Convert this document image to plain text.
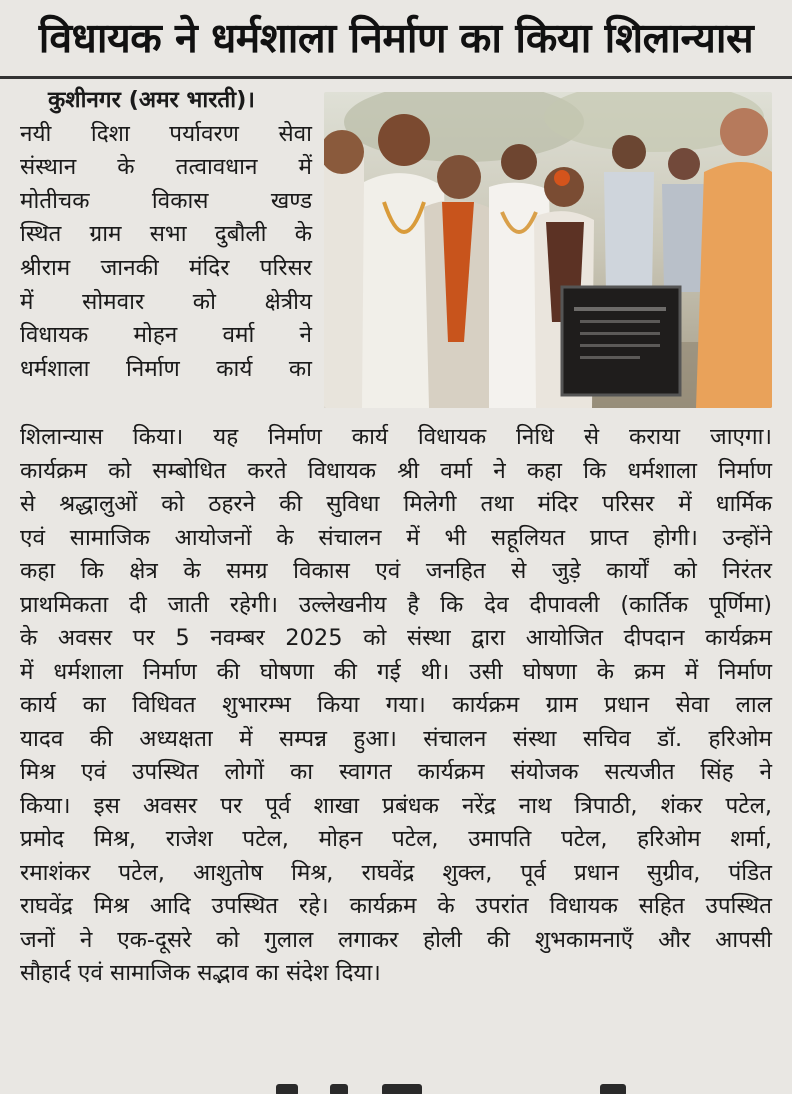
विधायक ने धर्मशाला निर्माण का किया शिलान्यास
कुशीनगर (अमर भारती)।
नयी दिशा पर्यावरण सेवा
संस्थान के तत्वावधान में
मोतीचक विकास खण्ड
स्थित ग्राम सभा दुबौली के
श्रीराम जानकी मंदिर परिसर
में सोमवार को क्षेत्रीय
विधायक मोहन वर्मा ने
धर्मशाला निर्माण कार्य का
शिलान्यास किया। यह निर्माण कार्य विधायक निधि से कराया जाएगा।
कार्यक्रम को सम्बोधित करते विधायक श्री वर्मा ने कहा कि धर्मशाला निर्माण
से श्रद्धालुओं को ठहरने की सुविधा मिलेगी तथा मंदिर परिसर में धार्मिक
एवं सामाजिक आयोजनों के संचालन में भी सहूलियत प्राप्त होगी। उन्होंने
कहा कि क्षेत्र के समग्र विकास एवं जनहित से जुड़े कार्यों को निरंतर
प्राथमिकता दी जाती रहेगी। उल्लेखनीय है कि देव दीपावली (कार्तिक पूर्णिमा)
के अवसर पर 5 नवम्बर 2025 को संस्था द्वारा आयोजित दीपदान कार्यक्रम
में धर्मशाला निर्माण की घोषणा की गई थी। उसी घोषणा के क्रम में निर्माण
कार्य का विधिवत शुभारम्भ किया गया। कार्यक्रम ग्राम प्रधान सेवा लाल
यादव की अध्यक्षता में सम्पन्न हुआ। संचालन संस्था सचिव डॉ. हरिओम
मिश्र एवं उपस्थित लोगों का स्वागत कार्यक्रम संयोजक सत्यजीत सिंह ने
किया। इस अवसर पर पूर्व शाखा प्रबंधक नरेंद्र नाथ त्रिपाठी, शंकर पटेल,
प्रमोद मिश्र, राजेश पटेल, मोहन पटेल, उमापति पटेल, हरिओम शर्मा,
रमाशंकर पटेल, आशुतोष मिश्र, राघवेंद्र शुक्ल, पूर्व प्रधान सुग्रीव, पंडित
राघवेंद्र मिश्र आदि उपस्थित रहे। कार्यक्रम के उपरांत विधायक सहित उपस्थित
जनों ने एक-दूसरे को गुलाल लगाकर होली की शुभकामनाएँ और आपसी
सौहार्द एवं सामाजिक सद्भाव का संदेश दिया।
